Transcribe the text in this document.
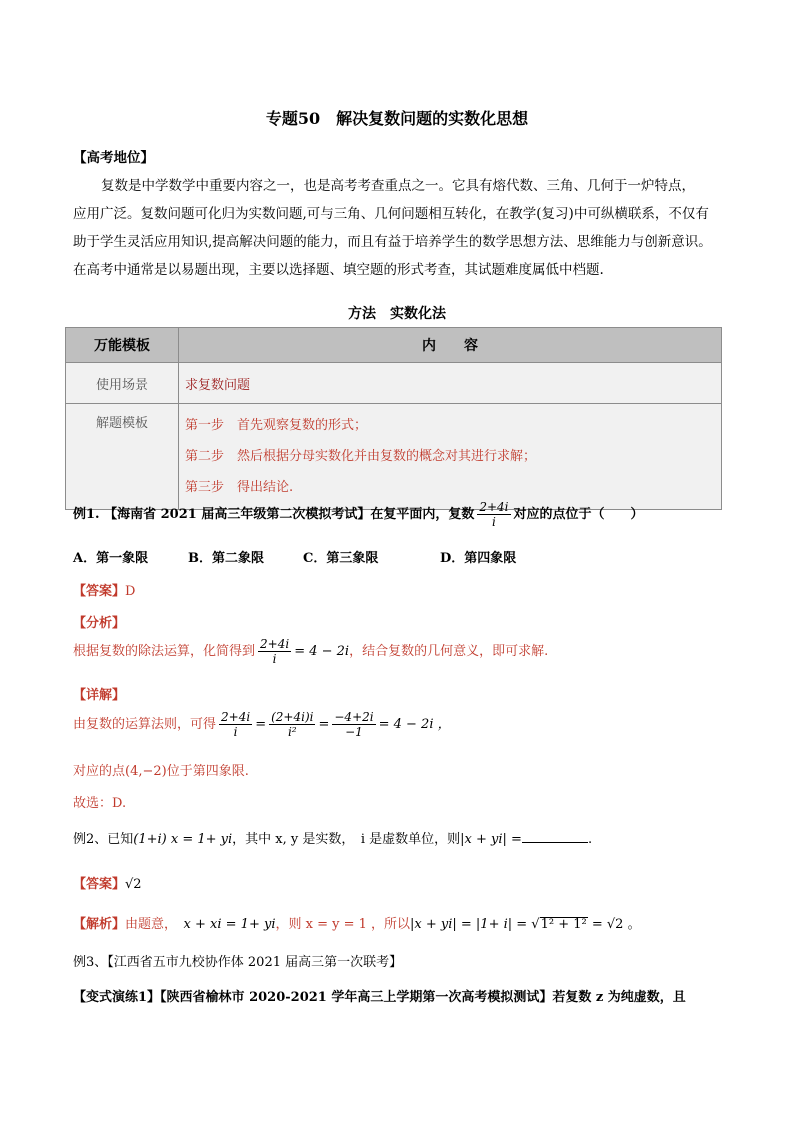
专题50　解决复数问题的实数化思想
【高考地位】
复数是中学数学中重要内容之一，也是高考考查重点之一。它具有熔代数、三角、几何于一炉特点，
应用广泛。复数问题可化归为实数问题,可与三角、几何问题相互转化，在教学(复习)中可纵横联系，不仅有
助于学生灵活应用知识,提高解决问题的能力，而且有益于培养学生的数学思想方法、思维能力与创新意识。
在高考中通常是以易题出现，主要以选择题、填空题的形式考查，其试题难度属低中档题.
方法　实数化法
万能模板	内　　容
使用场景	求复数问题
解题模板	第一步　 首先观察复数的形式；
第二步　 然后根据分母实数化并由复数的概念对其进行求解；
第三步　 得出结论.
例1. 【海南省 2021 届高三年级第二次模拟考试】在复平面内，复数 $\frac{2+4i}{i}$ 对应的点位于（　　）
A．第一象限	B．第二象限	C．第三象限	D．第四象限
【答案】D
【分析】
根据复数的除法运算，化简得到 $\frac{2+4i}{i} = 4 - 2i$，结合复数的几何意义，即可求解.
【详解】
由复数的运算法则，可得 $\frac{2+4i}{i} = \frac{(2+4i)i}{\text{i²}} = \frac{-4+2i}{-1} = 4 - 2i$ ，
对应的点(4,−2)位于第四象限.
故选：D.
例2、已知(1+i) x = 1+ yi，其中 x, y 是实数，　i 是虚数单位，则|x + yi| =	.
【答案】√2
【解析】由题意，　 x + xi = 1+ yi，则 x = y = 1 ，所以|x + yi| = |1+ i| = √1² + 1² = √2 。
例3、【江西省五市九校协作体 2021 届高三第一次联考】
【变式演练1】【陕西省榆林市 2020-2021 学年高三上学期第一次高考模拟测试】若复数 z 为纯虚数，且
